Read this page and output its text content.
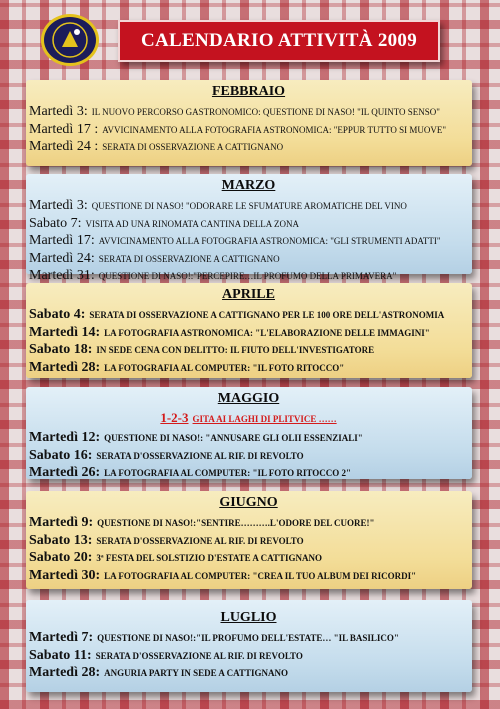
CALENDARIO ATTIVITÀ 2009
FEBBRAIO
Martedì 3: IL NUOVO PERCORSO GASTRONOMICO: QUESTIONE DI NASO! "IL QUINTO SENSO"
Martedì 17 : AVVICINAMENTO ALLA FOTOGRAFIA ASTRONOMICA: "EPPUR TUTTO SI MUOVE"
Martedì 24 : SERATA DI OSSERVAZIONE A CATTIGNANO
MARZO
Martedì 3: QUESTIONE DI NASO! "ODORARE LE SFUMATURE AROMATICHE DEL VINO
Sabato 7: VISITA AD UNA RINOMATA CANTINA DELLA ZONA
Martedì 17: AVVICINAMENTO ALLA FOTOGRAFIA ASTRONOMICA: "GLI STRUMENTI ADATTI"
Martedì 24: SERATA DI OSSERVAZIONE A CATTIGNANO
Martedì 31: QUESTIONE DI NASO!:"PERCEPIRE…IL PROFUMO DELLA PRIMAVERA"
APRILE
Sabato 4: SERATA DI OSSERVAZIONE A CATTIGNANO PER LE 100 ORE DELL'ASTRONOMIA
Martedì 14: LA FOTOGRAFIA ASTRONOMICA: "L'ELABORAZIONE DELLE IMMAGINI"
Sabato 18: IN SEDE CENA CON DELITTO: IL FIUTO DELL'INVESTIGATORE
Martedì 28: LA FOTOGRAFIA AL COMPUTER: "IL FOTO RITOCCO"
MAGGIO
1-2-3 GITA AI LAGHI DI PLITVICE ……
Martedì 12: QUESTIONE DI NASO!: "ANNUSARE GLI OLII ESSENZIALI"
Sabato 16: SERATA D'OSSERVAZIONE AL RIF. DI REVOLTO
Martedì 26: LA FOTOGRAFIA AL COMPUTER: "IL FOTO RITOCCO 2"
GIUGNO
Martedì 9: QUESTIONE DI NASO!:"SENTIRE……….L'ODORE DEL CUORE!"
Sabato 13: SERATA D'OSSERVAZIONE AL RIF. DI REVOLTO
Sabato 20: 3ª FESTA DEL SOLSTIZIO D'ESTATE A CATTIGNANO
Martedì 30: LA FOTOGRAFIA AL COMPUTER: "CREA IL TUO ALBUM DEI RICORDI"
LUGLIO
Martedì 7: QUESTIONE DI NASO!:"IL PROFUMO DELL'ESTATE… "IL BASILICO"
Sabato 11: SERATA D'OSSERVAZIONE AL RIF. DI REVOLTO
Martedì 28: ANGURIA PARTY IN SEDE A CATTIGNANO
